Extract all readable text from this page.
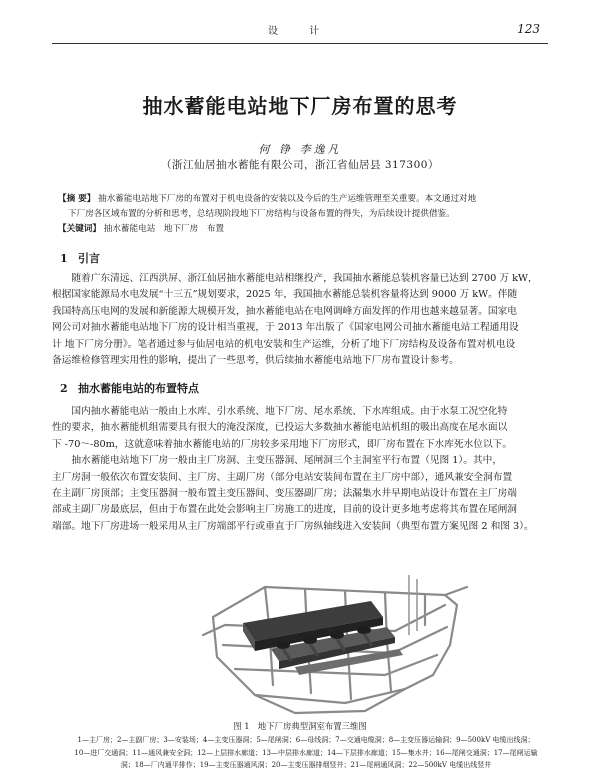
设 计	123
抽水蓄能电站地下厂房布置的思考
何 铮 李逸凡
（浙江仙居抽水蓄能有限公司，浙江省仙居县 317300）
【摘 要】 抽水蓄能电站地下厂房的布置对于机电设备的安装以及今后的生产运维管理至关重要。本文通过对地
下厂房各区域布置的分析和思考，总结现阶段地下厂房结构与设备布置的得失，为后续设计提供借鉴。
【关键词】 抽水蓄能电站　地下厂房　布置
1 引言
　　随着广东清远、江西洪屏、浙江仙居抽水蓄能电站相继投产，我国抽水蓄能总装机容量已达到 2700 万 kW，
根据国家能源局水电发展“十三五”规划要求，2025 年，我国抽水蓄能总装机容量将达到 9000 万 kW。伴随
我国特高压电网的发展和新能源大规模开发，抽水蓄能电站在电网调峰方面发挥的作用也越来越显著。国家电
网公司对抽水蓄能电站地下厂房的设计相当重视，于 2013 年出版了《国家电网公司抽水蓄能电站工程通用设
计 地下厂房分册》。笔者通过参与仙居电站的机电安装和生产运维，分析了地下厂房结构及设备布置对机电设
备运维检修管理实用性的影响，提出了一些思考，供后续抽水蓄能电站地下厂房布置设计参考。
2 抽水蓄能电站的布置特点
　　国内抽水蓄能电站一般由上水库、引水系统、地下厂房、尾水系统、下水库组成。由于水泵工况空化特
性的要求，抽水蓄能机组需要具有很大的淹没深度，已投运大多数抽水蓄能电站机组的吸出高度在尾水面以
下 -70～-80m，这就意味着抽水蓄能电站的厂房较多采用地下厂房形式，即厂房布置在下水库死水位以下。
　　抽水蓄能电站地下厂房一般由主厂房洞、主变压器洞、尾闸洞三个主洞室平行布置（见图 1）。其中，
主厂房洞一般依次布置安装间、主厂房、主副厂房（部分电站安装间布置在主厂房中部），通风兼安全洞布置
在主副厂房顶部；主变压器洞一般布置主变压器间、变压器副厂房；法漏集水井早期电站设计布置在主厂房端
部或主副厂房最底层，但由于布置在此处会影响主厂房施工的进度，目前的设计更多地考虑将其布置在尾闸洞
端部。地下厂房进场一般采用从主厂房端部平行或垂直于厂房纵轴线进入安装间（典型布置方案见图 2 和图 3）。
图 1　地下厂房典型洞室布置三维图
1—主厂房；2—主副厂房；3—安装场；4—主变压器洞；5—尾闸洞；6—母线洞；7—交通电缆洞；8—主变压器运输洞；9—500kV 电缆出线洞；
10—进厂交通洞；11—通风兼安全洞；12—上层排水廊道；13—中层排水廊道；14—下层排水廊道；15—集水井；16—尾闸交通洞；17—尾闸运输
洞；18—厂内通平排作；19—主变压器通风洞；20—主变压器排烟竖井；21—尾闸通风洞；22—500kV 电缆出线竖井
